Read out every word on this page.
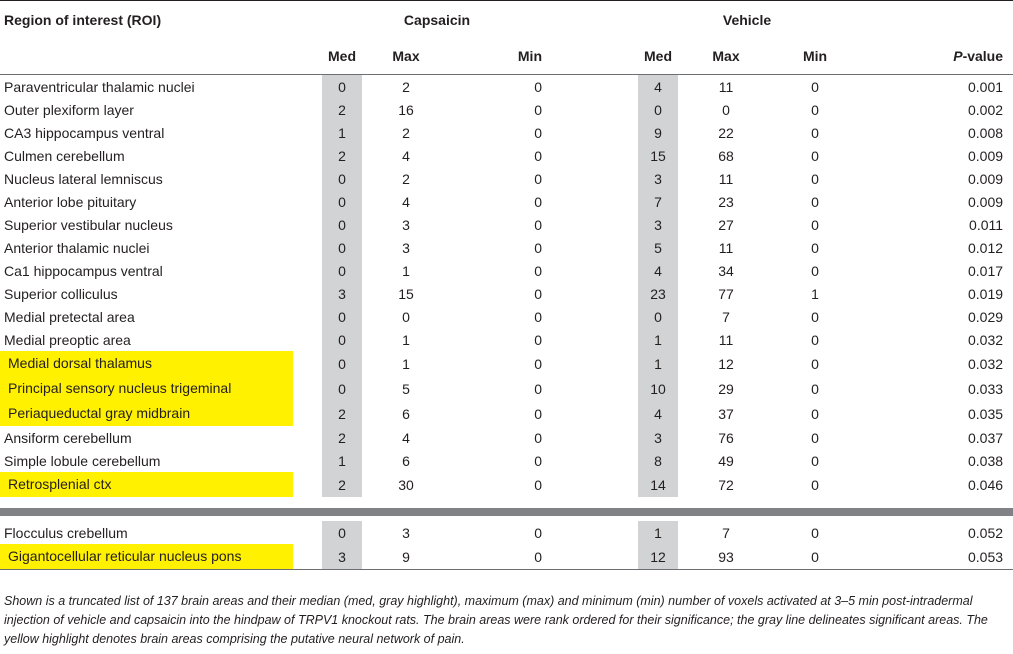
Region of interest (ROI)		Capsaicin				Vehicle			
		Med	Max	Min		Med	Max	Min	P-value
Paraventricular thalamic nuclei		0	2	0		4	11	0	0.001
Outer plexiform layer		2	16	0		0	0	0	0.002
CA3 hippocampus ventral		1	2	0		9	22	0	0.008
Culmen cerebellum		2	4	0		15	68	0	0.009
Nucleus lateral lemniscus		0	2	0		3	11	0	0.009
Anterior lobe pituitary		0	4	0		7	23	0	0.009
Superior vestibular nucleus		0	3	0		3	27	0	0.011
Anterior thalamic nuclei		0	3	0		5	11	0	0.012
Ca1 hippocampus ventral		0	1	0		4	34	0	0.017
Superior colliculus		3	15	0		23	77	1	0.019
Medial pretectal area		0	0	0		0	7	0	0.029
Medial preoptic area		0	1	0		1	11	0	0.032
Medial dorsal thalamus		0	1	0		1	12	0	0.032
Principal sensory nucleus trigeminal		0	5	0		10	29	0	0.033
Periaqueductal gray midbrain		2	6	0		4	37	0	0.035
Ansiform cerebellum		2	4	0		3	76	0	0.037
Simple lobule cerebellum		1	6	0		8	49	0	0.038
Retrosplenial ctx		2	30	0		14	72	0	0.046

Flocculus crebellum		0	3	0		1	7	0	0.052
Gigantocellular reticular nucleus pons		3	9	0		12	93	0	0.053
Shown is a truncated list of 137 brain areas and their median (med, gray highlight), maximum (max) and minimum (min) number of voxels activated at 3–5 min post-intradermal injection of vehicle and capsaicin into the hindpaw of TRPV1 knockout rats. The brain areas were rank ordered for their significance; the gray line delineates significant areas. The yellow highlight denotes brain areas comprising the putative neural network of pain.
